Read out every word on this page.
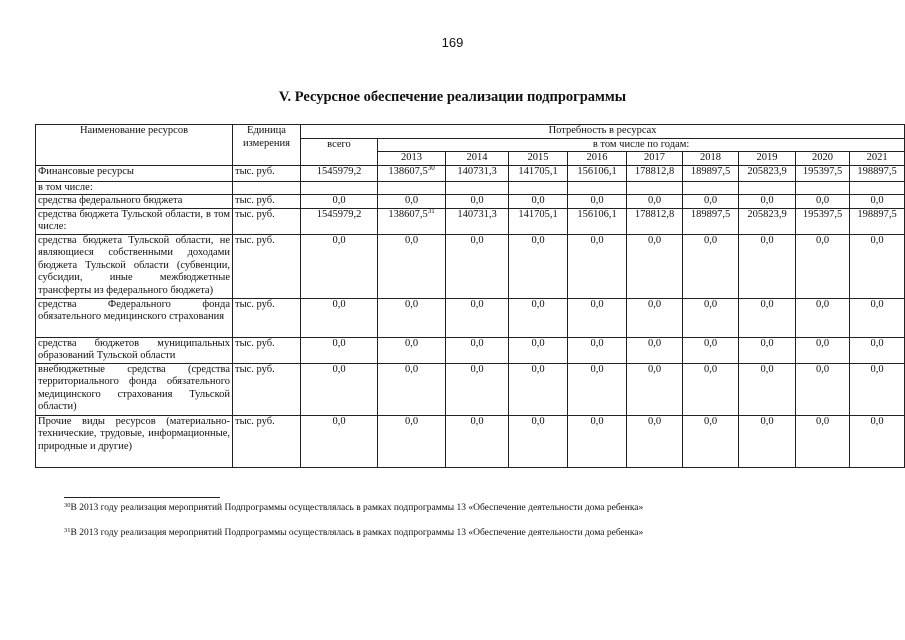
169
V. Ресурсное обеспечение реализации подпрограммы
Наименование ресурсов	Единица измерения	Потребность в ресурсах									
		всего	в том числе по годам:								
			2013	2014	2015	2016	2017	2018	2019	2020	2021
Финансовые ресурсы	тыс. руб.	1545979,2	138607,5$^{30}$	140731,3	141705,1	156106,1	178812,8	189897,5	205823,9	195397,5	198897,5
в том числе:											
средства федерального бюджета	тыс. руб.	0,0	0,0	0,0	0,0	0,0	0,0	0,0	0,0	0,0	0,0
средства бюджета Тульской области, в том числе:	тыс. руб.	1545979,2	138607,5$^{31}$	140731,3	141705,1	156106,1	178812,8	189897,5	205823,9	195397,5	198897,5
средства бюджета Тульской области, не являющиеся собственными доходами бюджета Тульской области (субвенции, субсидии, иные межбюджетные трансферты из федерального бюджета)	тыс. руб.	0,0	0,0	0,0	0,0	0,0	0,0	0,0	0,0	0,0	0,0
средства Федерального фонда обязательного медицинского страхования	тыс. руб.	0,0	0,0	0,0	0,0	0,0	0,0	0,0	0,0	0,0	0,0
средства бюджетов муниципальных образований Тульской области	тыс. руб.	0,0	0,0	0,0	0,0	0,0	0,0	0,0	0,0	0,0	0,0
внебюджетные средства (средства территориального фонда обязательного медицинского страхования Тульской области)	тыс. руб.	0,0	0,0	0,0	0,0	0,0	0,0	0,0	0,0	0,0	0,0
Прочие виды ресурсов (материально-технические, трудовые, информационные, природные и другие)	тыс. руб.	0,0	0,0	0,0	0,0	0,0	0,0	0,0	0,0	0,0	0,0
$^{30}$В 2013 году реализация мероприятий Подпрограммы осуществлялась в рамках подпрограммы 13 «Обеспечение деятельности дома ребенка»
$^{31}$В 2013 году реализация мероприятий Подпрограммы осуществлялась в рамках подпрограммы 13 «Обеспечение деятельности дома ребенка»
